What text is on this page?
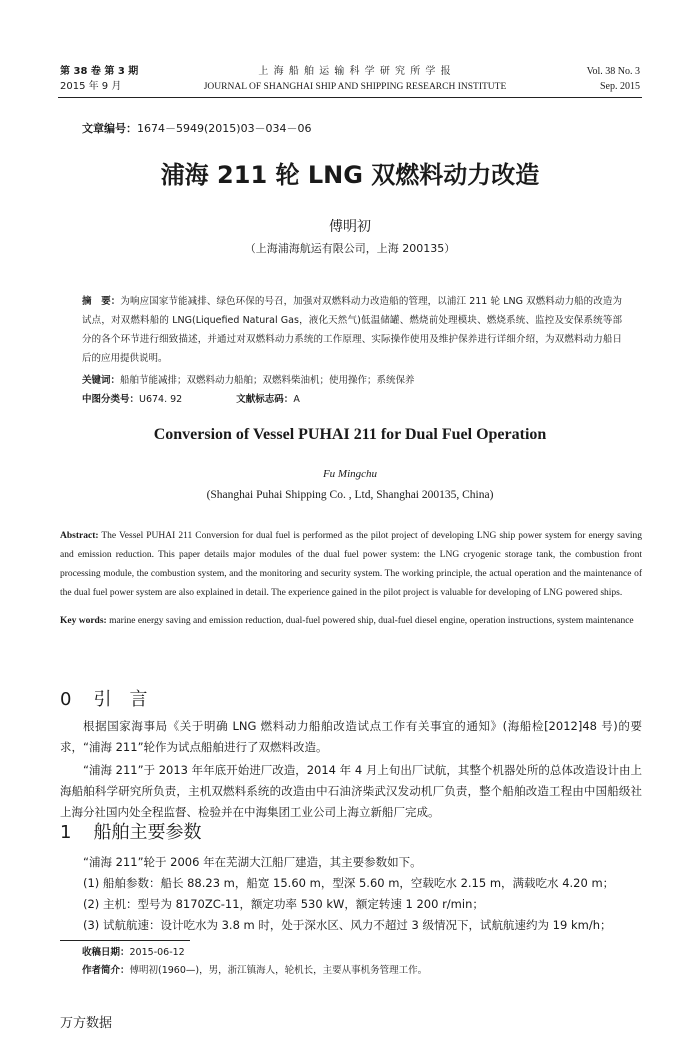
第 38 卷 第 3 期
2015 年 9 月
上 海 船 舶 运 输 科 学 研 究 所 学 报
JOURNAL OF SHANGHAI SHIP AND SHIPPING RESEARCH INSTITUTE
Vol. 38 No. 3
Sep. 2015
文章编号：1674－5949(2015)03－034－06
浦海 211 轮 LNG 双燃料动力改造
傅明初
（上海浦海航运有限公司，上海 200135）
摘　要：为响应国家节能减排、绿色环保的号召，加强对双燃料动力改造船的管理，以浦江 211 轮 LNG 双燃料动力船的改造为试点，对双燃料船的 LNG(Liquefied Natural Gas，液化天然气)低温储罐、燃烧前处理模块、燃烧系统、监控及安保系统等部分的各个环节进行细致描述，并通过对双燃料动力系统的工作原理、实际操作使用及维护保养进行详细介绍，为双燃料动力船日后的应用提供说明。
关键词：船舶节能减排；双燃料动力船舶；双燃料柴油机；使用操作；系统保养
中图分类号：U674. 92	文献标志码：A
Conversion of Vessel PUHAI 211 for Dual Fuel Operation
Fu Mingchu
(Shanghai Puhai Shipping Co. , Ltd, Shanghai 200135, China)
Abstract: The Vessel PUHAI 211 Conversion for dual fuel is performed as the pilot project of developing LNG ship power system for energy saving and emission reduction. This paper details major modules of the dual fuel power system: the LNG cryogenic storage tank, the combustion front processing module, the combustion system, and the monitoring and security system. The working principle, the actual operation and the maintenance of the dual fuel power system are also explained in detail. The experience gained in the pilot project is valuable for developing of LNG powered ships.
Key words: marine energy saving and emission reduction, dual-fuel powered ship, dual-fuel diesel engine, operation instructions, system maintenance
0 引　言
根据国家海事局《关于明确 LNG 燃料动力船舶改造试点工作有关事宜的通知》(海船检[2012]48 号)的要求，“浦海 211”轮作为试点船舶进行了双燃料改造。
“浦海 211”于 2013 年年底开始进厂改造，2014 年 4 月上旬出厂试航，其整个机器处所的总体改造设计由上海船舶科学研究所负责，主机双燃料系统的改造由中石油济柴武汉发动机厂负责，整个船舶改造工程由中国船级社上海分社国内处全程监督、检验并在中海集团工业公司上海立新船厂完成。
1 船舶主要参数
“浦海 211”轮于 2006 年在芜湖大江船厂建造，其主要参数如下。
(1) 船舶参数：船长 88.23 m，船宽 15.60 m，型深 5.60 m，空载吃水 2.15 m，满载吃水 4.20 m；
(2) 主机：型号为 8170ZC-11，额定功率 530 kW，额定转速 1 200 r/min；
(3) 试航航速：设计吃水为 3.8 m 时，处于深水区、风力不超过 3 级情况下，试航航速约为 19 km/h；
收稿日期：2015-06-12
作者简介：傅明初(1960—)，男，浙江镇海人，轮机长，主要从事机务管理工作。
万方数据
